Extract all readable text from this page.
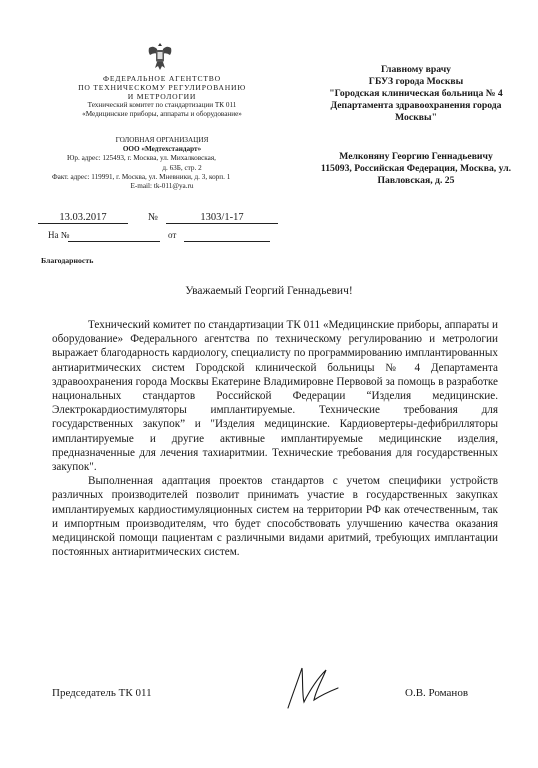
ФЕДЕРАЛЬНОЕ АГЕНТСТВО
ПО ТЕХНИЧЕСКОМУ РЕГУЛИРОВАНИЮ
И МЕТРОЛОГИИ
Технический комитет по стандартизации ТК 011
«Медицинские приборы, аппараты и оборудование»
ГОЛОВНАЯ ОРГАНИЗАЦИЯ
ООО «Медтехстандарт»
Юр. адрес: 125493, г. Москва, ул. Михалковская,
д. 63Б, стр. 2
Факт. адрес: 119991, г. Москва, ул. Мневники, д. 3, корп. 1
E-mail: tk-011@ya.ru
13.03.2017	№	1303/1-17
На №	от
Главному врачу
ГБУЗ города Москвы
"Городская клиническая больница № 4
Департамента здравоохранения города
Москвы"
Мелконяну Георгию Геннадьевичу
115093, Российская Федерация, Москва, ул.
Павловская, д. 25
Благодарность
Уважаемый Георгий Геннадьевич!

Технический комитет по стандартизации ТК 011 «Медицинские приборы, аппараты и оборудование» Федерального агентства по техническому регулированию и метрологии выражает благодарность кардиологу, специалисту по программированию имплантированных антиаритмических систем Городской клинической больницы № 4 Департамента здравоохранения города Москвы Екатерине Владимировне Первовой за помощь в разработке национальных стандартов Российской Федерации “Изделия медицинские. Электрокардиостимуляторы имплантируемые. Технические требования для государственных закупок” и "Изделия медицинские. Кардиовертеры-дефибрилляторы имплантируемые и другие активные имплантируемые медицинские изделия, предназначенные для лечения тахиаритмии. Технические требования для государственных закупок".

Выполненная адаптация проектов стандартов с учетом специфики устройств различных производителей позволит принимать участие в государственных закупках имплантируемых кардиостимуляционных систем на территории РФ как отечественным, так и импортным производителям, что будет способствовать улучшению качества оказания медицинской помощи пациентам с различными видами аритмий, требующих имплантации постоянных антиаритмических систем.

Председатель ТК 011	О.В. Романов
